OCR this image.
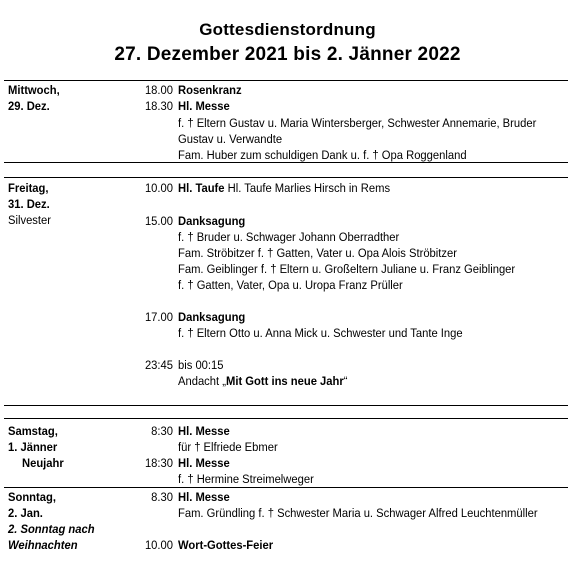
Gottesdienstordnung
27. Dezember 2021 bis 2. Jänner 2022
Mittwoch,
29. Dez.
18.00 Rosenkranz
18.30 Hl. Messe
f. † Eltern Gustav u. Maria Wintersberger, Schwester Annemarie, Bruder
Gustav u. Verwandte
Fam. Huber zum schuldigen Dank u. f. † Opa Roggenland
Freitag,
31. Dez.
Silvester
10.00 Hl. Taufe Hl. Taufe Marlies Hirsch in Rems
15.00 Danksagung
f. † Bruder u. Schwager Johann Oberradther
Fam. Ströbitzer f. † Gatten, Vater u. Opa Alois Ströbitzer
Fam. Geiblinger f. † Eltern u. Großeltern Juliane u. Franz Geiblinger
f. † Gatten, Vater, Opa u. Uropa Franz Prüller
17.00 Danksagung
f. † Eltern Otto u. Anna Mick u. Schwester und Tante Inge
23:45 bis 00:15
Andacht „Mit Gott ins neue Jahr“
Samstag,
1. Jänner
Neujahr
8:30 Hl. Messe
für † Elfriede Ebmer
18:30 Hl. Messe
f. † Hermine Streimelweger
Sonntag,
2. Jan.
2. Sonntag nach
Weihnachten
8.30 Hl. Messe
Fam. Gründling f. † Schwester Maria u. Schwager Alfred Leuchtenmüller
10.00 Wort-Gottes-Feier
